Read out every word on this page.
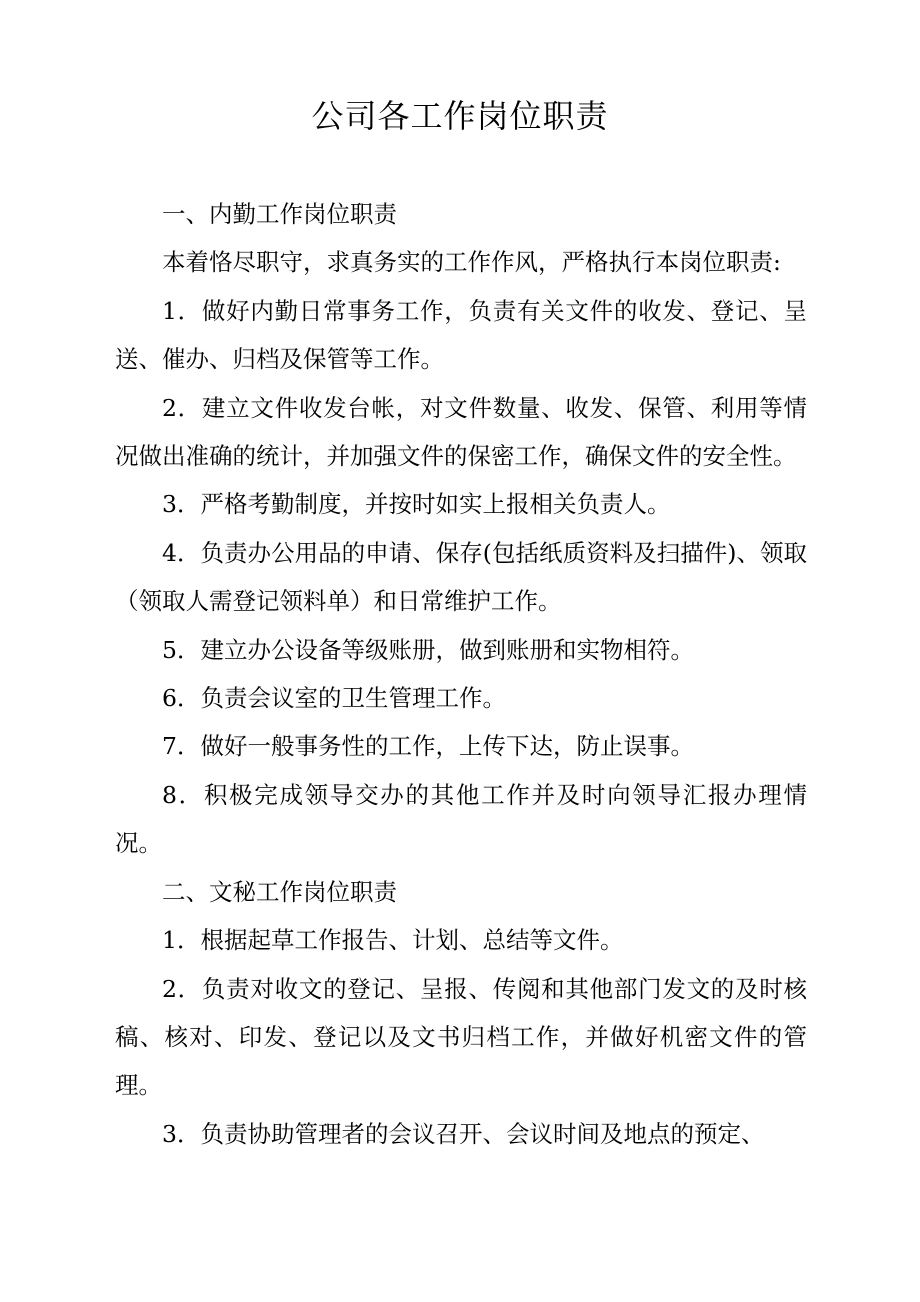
公司各工作岗位职责

一、内勤工作岗位职责

本着恪尽职守，求真务实的工作作风，严格执行本岗位职责:

1．做好内勤日常事务工作，负责有关文件的收发、登记、呈送、催办、归档及保管等工作。

2．建立文件收发台帐，对文件数量、收发、保管、利用等情况做出准确的统计，并加强文件的保密工作，确保文件的安全性。

3．严格考勤制度，并按时如实上报相关负责人。

4．负责办公用品的申请、保存(包括纸质资料及扫描件)、领取（领取人需登记领料单）和日常维护工作。

5．建立办公设备等级账册，做到账册和实物相符。

6．负责会议室的卫生管理工作。

7．做好一般事务性的工作，上传下达，防止误事。

8．积极完成领导交办的其他工作并及时向领导汇报办理情况。

二、文秘工作岗位职责

1．根据起草工作报告、计划、总结等文件。

2．负责对收文的登记、呈报、传阅和其他部门发文的及时核稿、核对、印发、登记以及文书归档工作，并做好机密文件的管理。

3．负责协助管理者的会议召开、会议时间及地点的预定、
